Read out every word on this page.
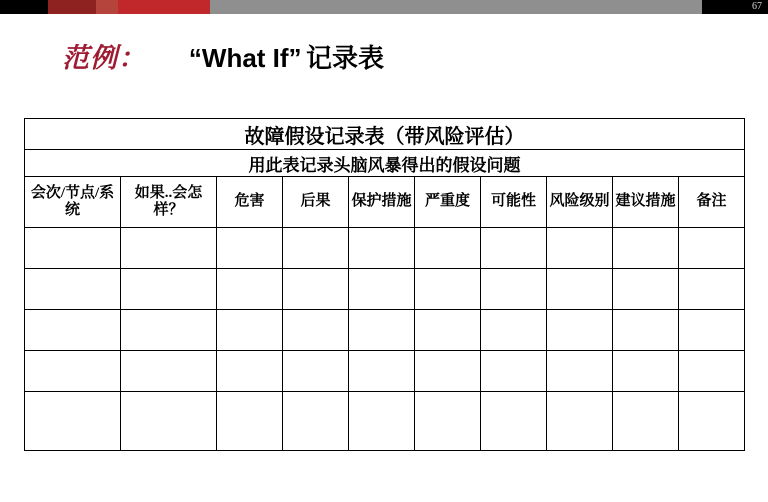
67
范例： “What If” 记录表
故障假设记录表（带风险评估）									
用此表记录头脑风暴得出的假设问题									

会次/节点/系统	如果..会怎样？	危害	后果	保护措施	严重度	可能性	风险级别	建议措施	备注
